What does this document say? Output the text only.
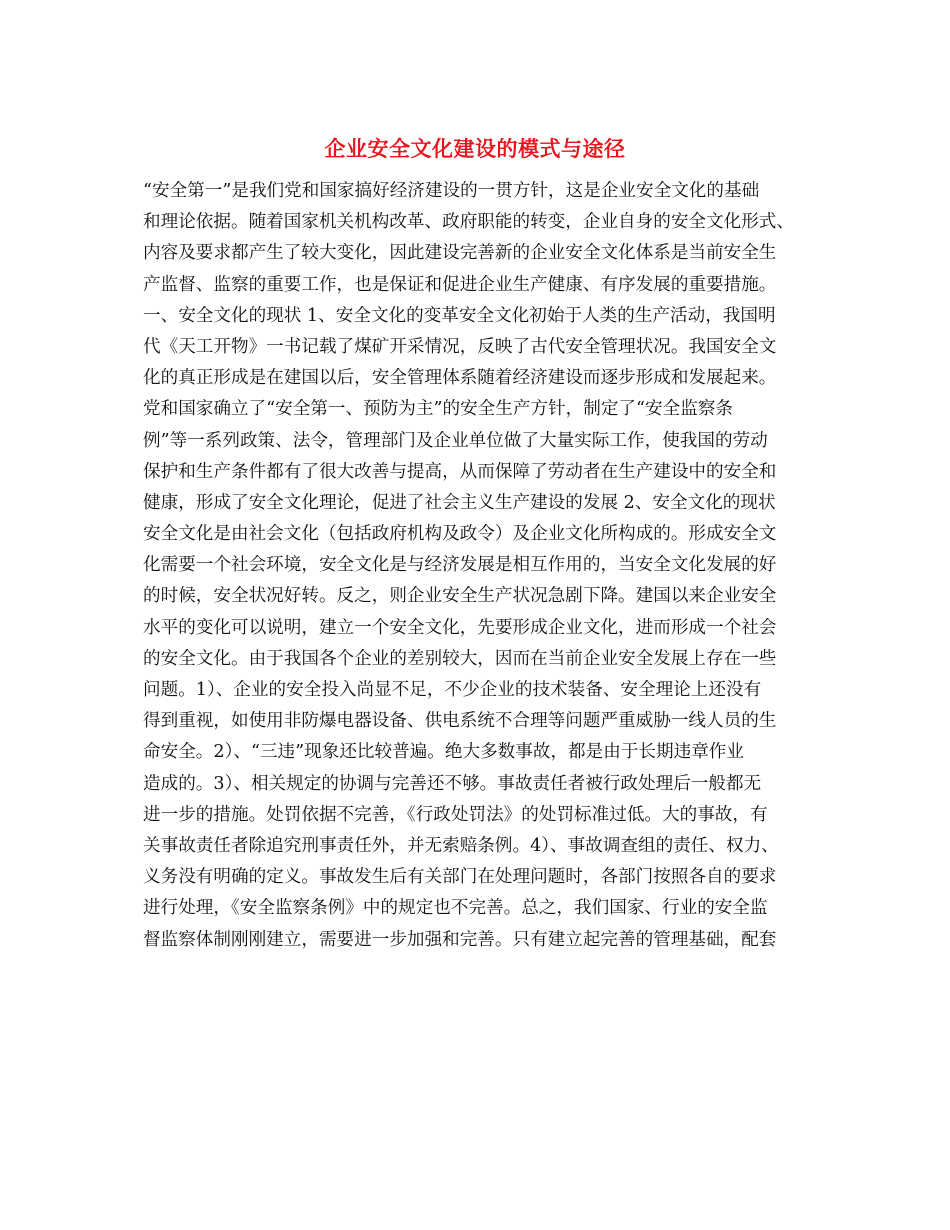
企业安全文化建设的模式与途径
“安全第一”是我们党和国家搞好经济建设的一贯方针，这是企业安全文化的基础
和理论依据。随着国家机关机构改革、政府职能的转变，企业自身的安全文化形式、
内容及要求都产生了较大变化，因此建设完善新的企业安全文化体系是当前安全生
产监督、监察的重要工作，也是保证和促进企业生产健康、有序发展的重要措施。
一、安全文化的现状 1、安全文化的变革安全文化初始于人类的生产活动，我国明
代《天工开物》一书记载了煤矿开采情况，反映了古代安全管理状况。我国安全文
化的真正形成是在建国以后，安全管理体系随着经济建设而逐步形成和发展起来。
党和国家确立了“安全第一、预防为主”的安全生产方针，制定了“安全监察条
例”等一系列政策、法令，管理部门及企业单位做了大量实际工作，使我国的劳动
保护和生产条件都有了很大改善与提高，从而保障了劳动者在生产建设中的安全和
健康，形成了安全文化理论，促进了社会主义生产建设的发展 2、安全文化的现状
安全文化是由社会文化（包括政府机构及政令）及企业文化所构成的。形成安全文
化需要一个社会环境，安全文化是与经济发展是相互作用的，当安全文化发展的好
的时候，安全状况好转。反之，则企业安全生产状况急剧下降。建国以来企业安全
水平的变化可以说明，建立一个安全文化，先要形成企业文化，进而形成一个社会
的安全文化。由于我国各个企业的差别较大，因而在当前企业安全发展上存在一些
问题。1）、企业的安全投入尚显不足，不少企业的技术装备、安全理论上还没有
得到重视，如使用非防爆电器设备、供电系统不合理等问题严重威胁一线人员的生
命安全。2）、“三违”现象还比较普遍。绝大多数事故，都是由于长期违章作业
造成的。3）、相关规定的协调与完善还不够。事故责任者被行政处理后一般都无
进一步的措施。处罚依据不完善，《行政处罚法》的处罚标准过低。大的事故，有
关事故责任者除追究刑事责任外，并无索赔条例。4）、事故调查组的责任、权力、
义务没有明确的定义。事故发生后有关部门在处理问题时，各部门按照各自的要求
进行处理，《安全监察条例》中的规定也不完善。总之，我们国家、行业的安全监
督监察体制刚刚建立，需要进一步加强和完善。只有建立起完善的管理基础，配套
